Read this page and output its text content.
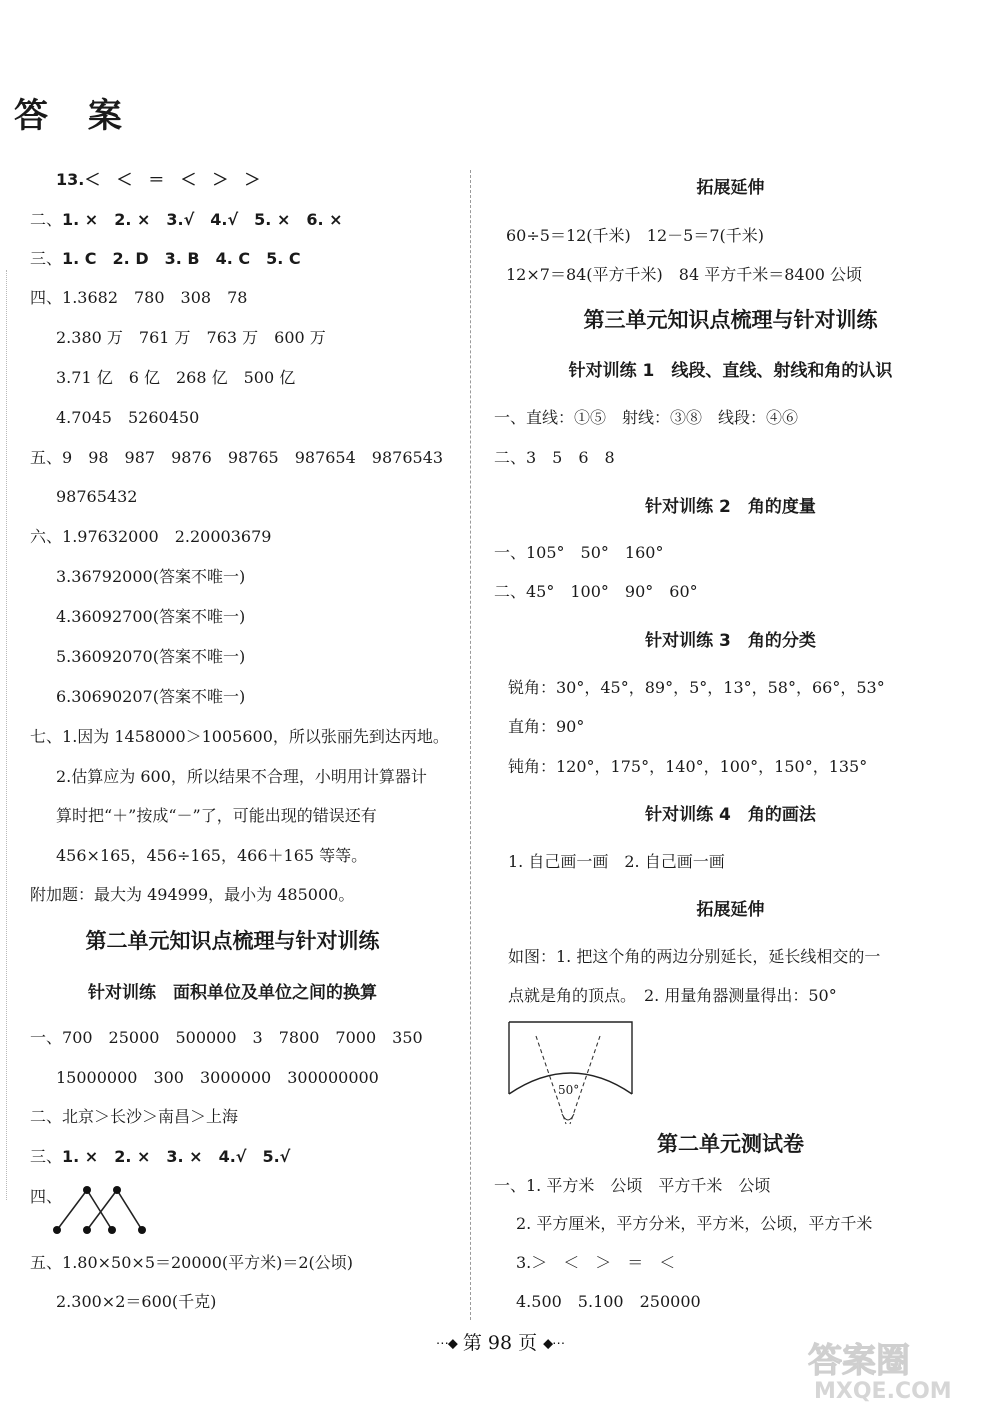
答 案
13.＜　＜　＝　＜　＞　＞
二、1. ×　2. ×　3.√　4.√　5. ×　6. ×
三、1. C　2. D　3. B　4. C　5. C
四、1.3682　780　308　78
2.380 万　761 万　763 万　600 万
3.71 亿　6 亿　268 亿　500 亿
4.7045　5260450
五、9　98　987　9876　98765　987654　9876543
98765432
六、1.97632000　2.20003679
3.36792000(答案不唯一)
4.36092700(答案不唯一)
5.36092070(答案不唯一)
6.30690207(答案不唯一)
七、1.因为 1458000＞1005600，所以张丽先到达丙地。
2.估算应为 600，所以结果不合理，小明用计算器计
算时把“＋”按成“－”了，可能出现的错误还有
456×165，456÷165，466＋165 等等。
附加题：最大为 494999，最小为 485000。
第二单元知识点梳理与针对训练
针对训练　面积单位及单位之间的换算
一、700　25000　500000　3　7800　7000　350
15000000　300　3000000　300000000
二、北京＞长沙＞南昌＞上海
三、1. ×　2. ×　3. ×　4.√　5.√
四、
五、1.80×50×5＝20000(平方米)＝2(公顷)
2.300×2＝600(千克)
拓展延伸
60÷5＝12(千米)　12－5＝7(千米)
12×7＝84(平方千米)　84 平方千米＝8400 公顷
第三单元知识点梳理与针对训练
针对训练 1　线段、直线、射线和角的认识
一、直线：①⑤　射线：③⑧　线段：④⑥
二、3　5　6　8
针对训练 2　角的度量
一、105°　50°　160°
二、45°　100°　90°　60°
针对训练 3　角的分类
锐角：30°，45°，89°，5°，13°，58°，66°，53°
直角：90°
钝角：120°，175°，140°，100°，150°，135°
针对训练 4　角的画法
1. 自己画一画　2. 自己画一画
拓展延伸
如图：1. 把这个角的两边分别延长，延长线相交的一
点就是角的顶点。　2. 用量角器测量得出：50°
50°
第二单元测试卷
一、1. 平方米　公顷　平方千米　公顷
2. 平方厘米，平方分米，平方米，公顷，平方千米
3.＞　＜　＞　＝　＜
4.500　5.100　250000
⋯◆ 第 98 页 ◆⋯	答案圈
MXQE.COM
